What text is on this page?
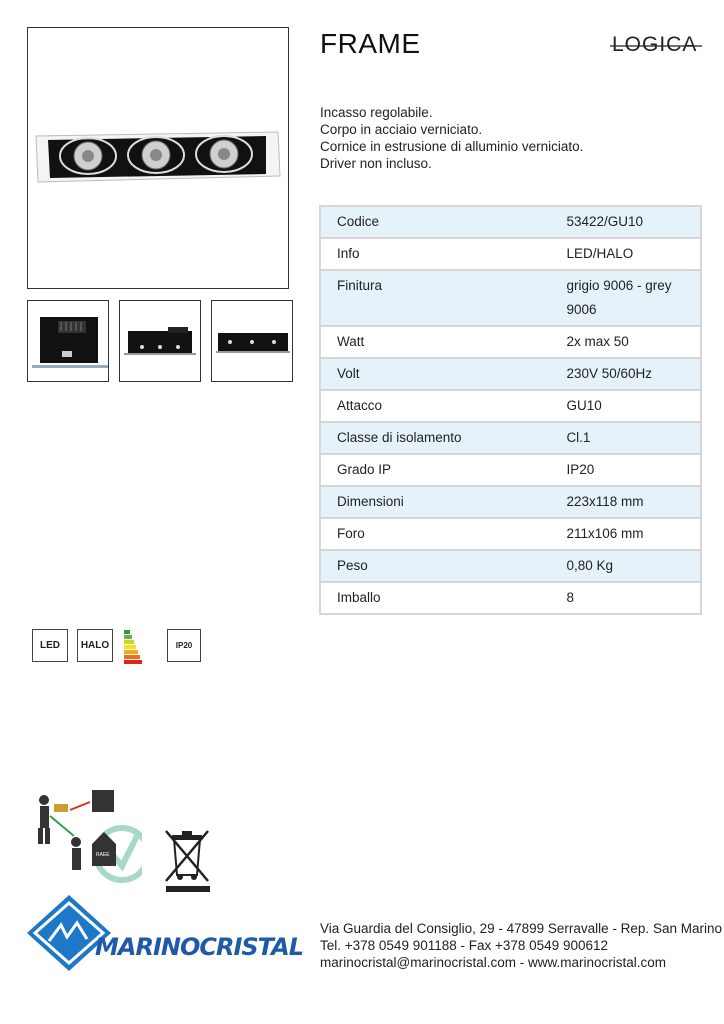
FRAME	LOGICA
Incasso regolabile.
Corpo in acciaio verniciato.
Cornice in estrusione di alluminio verniciato.
Driver non incluso.
Codice	53422/GU10
Info	LED/HALO
Finitura	grigio 9006 - grey 9006
Watt	2x max 50
Volt	230V 50/60Hz
Attacco	GU10
Classe di isolamento	Cl.1
Grado IP	IP20
Dimensioni	223x118 mm
Foro	211x106 mm
Peso	0,80 Kg
Imballo	8
LED	HALO	IP20
RAEE
MARINOCRISTAL
Via Guardia del Consiglio, 29 - 47899 Serravalle - Rep. San Marino
Tel. +378 0549 901188 - Fax +378 0549 900612
marinocristal@marinocristal.com - www.marinocristal.com
